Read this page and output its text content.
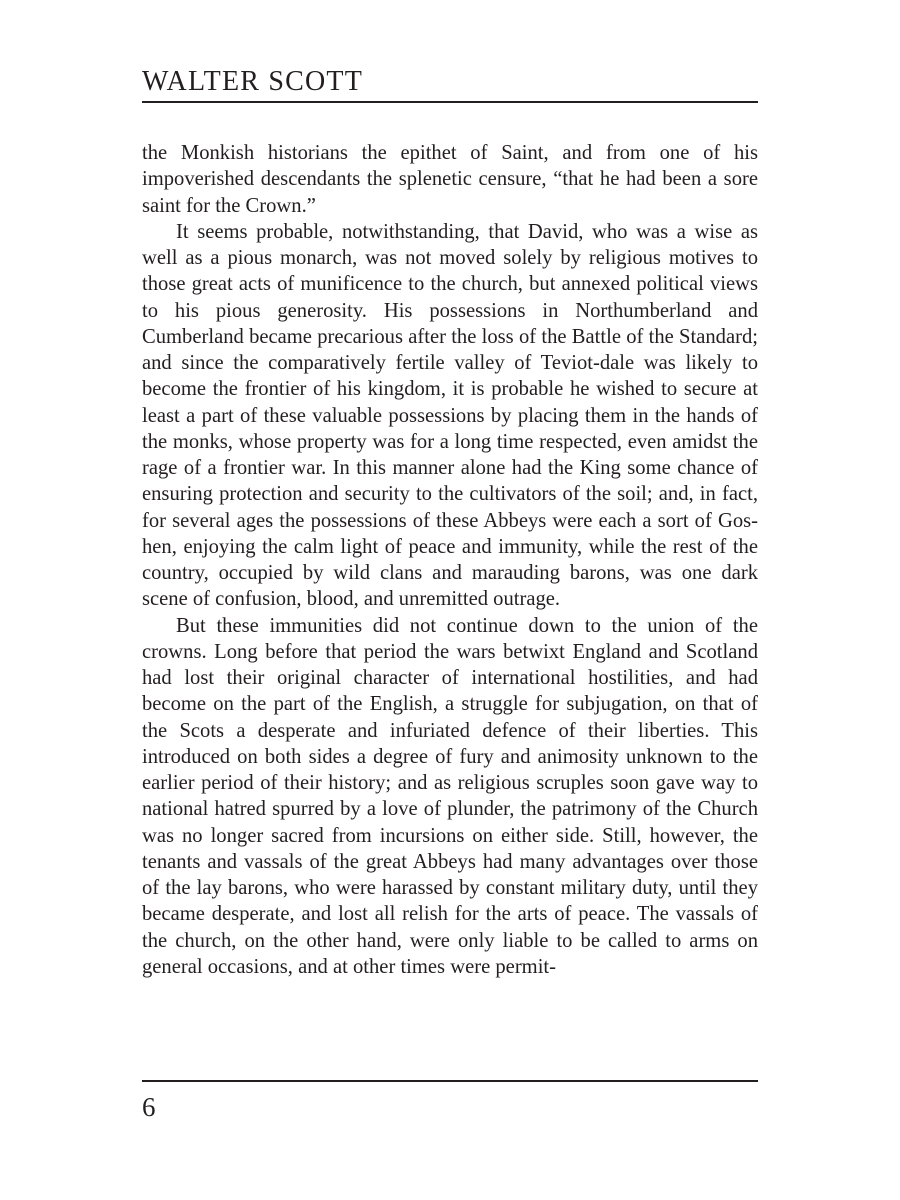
WALTER SCOTT

the Monkish historians the epithet of Saint, and from one of his impoverished descendants the splenetic censure, “that he had been a sore saint for the Crown.”

It seems probable, notwithstanding, that David, who was a wise as well as a pious monarch, was not moved solely by religious motives to those great acts of munificence to the church, but annexed political views to his pious generosity. His possessions in Northumberland and Cumberland became precarious after the loss of the Battle of the Standard; and since the comparatively fertile valley of Teviot-dale was likely to become the frontier of his kingdom, it is probable he wished to secure at least a part of these valuable possessions by placing them in the hands of the monks, whose property was for a long time respected, even amidst the rage of a frontier war. In this manner alone had the King some chance of ensuring protection and security to the cultivators of the soil; and, in fact, for several ages the possessions of these Abbeys were each a sort of Goshen, enjoying the calm light of peace and immunity, while the rest of the country, occupied by wild clans and marauding barons, was one dark scene of confusion, blood, and unremitted outrage.

But these immunities did not continue down to the union of the crowns. Long before that period the wars betwixt England and Scotland had lost their original character of international hostilities, and had become on the part of the English, a struggle for subjugation, on that of the Scots a desperate and infuriated defence of their liberties. This introduced on both sides a degree of fury and animosity unknown to the earlier period of their history; and as religious scruples soon gave way to national hatred spurred by a love of plunder, the patrimony of the Church was no longer sacred from incursions on either side. Still, however, the tenants and vassals of the great Abbeys had many advantages over those of the lay barons, who were harassed by constant military duty, until they became desperate, and lost all relish for the arts of peace. The vassals of the church, on the other hand, were only liable to be called to arms on general occasions, and at other times were permit-

6
